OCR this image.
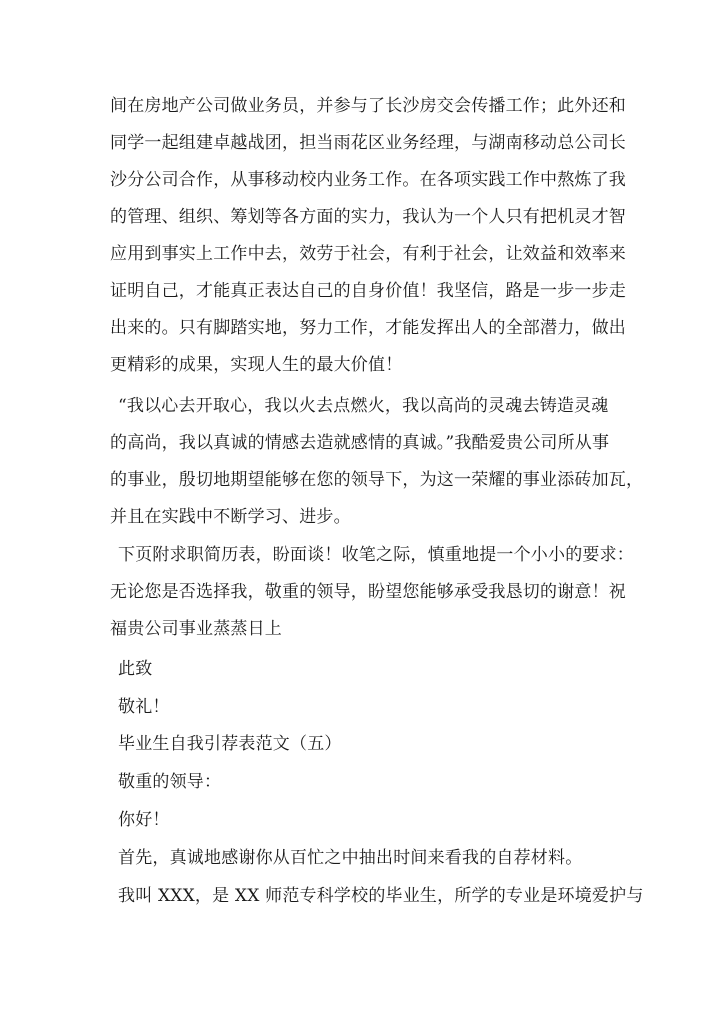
间在房地产公司做业务员，并参与了长沙房交会传播工作；此外还和
同学一起组建卓越战团，担当雨花区业务经理，与湖南移动总公司长
沙分公司合作，从事移动校内业务工作。在各项实践工作中熬炼了我
的管理、组织、筹划等各方面的实力，我认为一个人只有把机灵才智
应用到事实上工作中去，效劳于社会，有利于社会，让效益和效率来
证明自己，才能真正表达自己的自身价值！我坚信，路是一步一步走
出来的。只有脚踏实地，努力工作，才能发挥出人的全部潜力，做出
更精彩的成果，实现人生的最大价值！
“我以心去开取心，我以火去点燃火，我以高尚的灵魂去铸造灵魂
的高尚，我以真诚的情感去造就感情的真诚。”我酷爱贵公司所从事
的事业，殷切地期望能够在您的领导下，为这一荣耀的事业添砖加瓦，
并且在实践中不断学习、进步。
下页附求职简历表，盼面谈！收笔之际，慎重地提一个小小的要求：
无论您是否选择我，敬重的领导，盼望您能够承受我恳切的谢意！祝
福贵公司事业蒸蒸日上
此致
敬礼！
毕业生自我引荐表范文（五）
敬重的领导：
你好！
首先，真诚地感谢你从百忙之中抽出时间来看我的自荐材料。
我叫 XXX，是 XX 师范专科学校的毕业生，所学的专业是环境爱护与
